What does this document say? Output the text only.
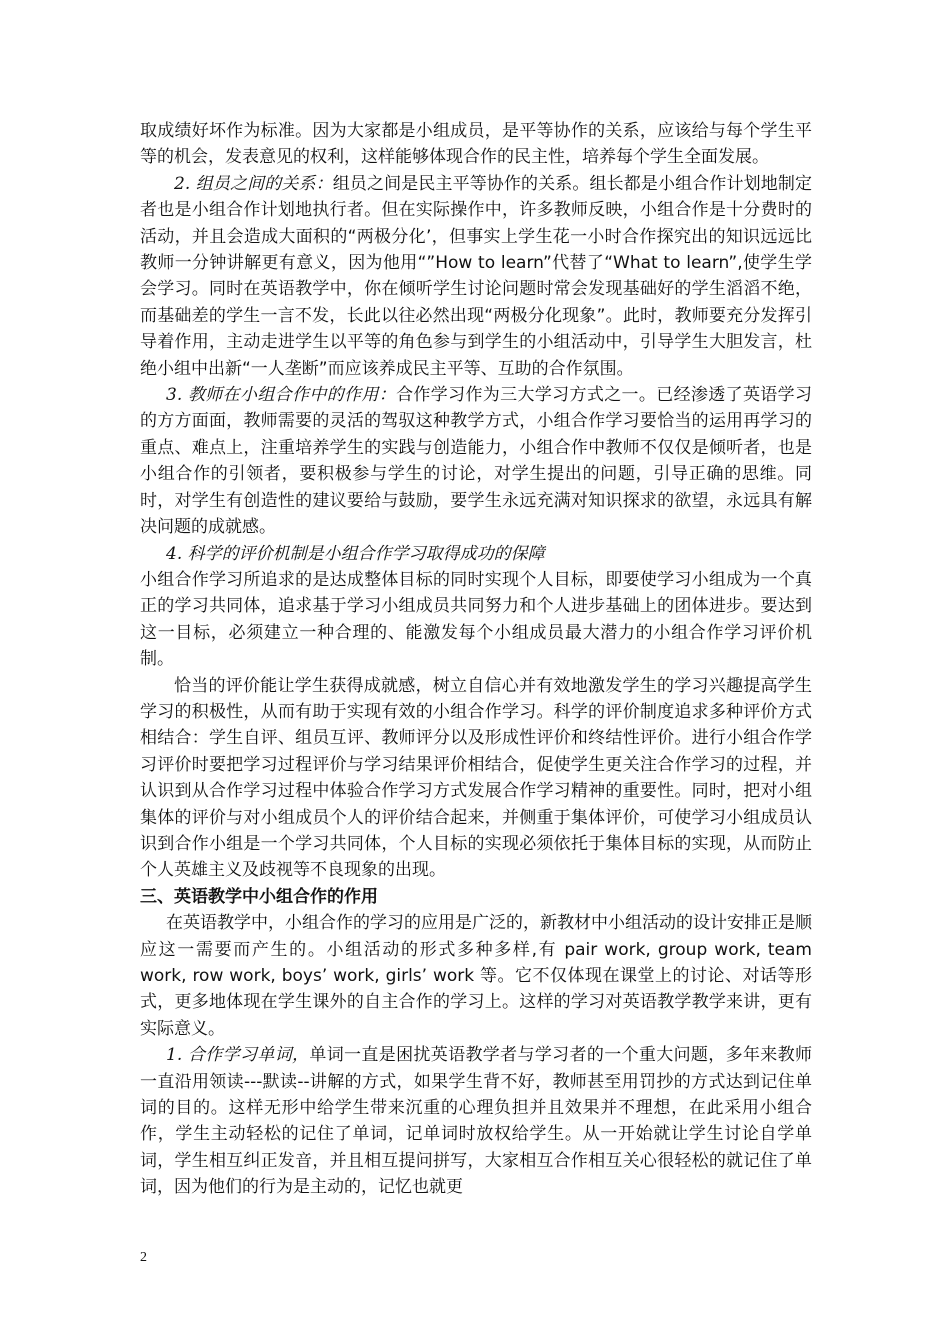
取成绩好坏作为标准。因为大家都是小组成员，是平等协作的关系，应该给与每个学生平等的机会，发表意见的权利，这样能够体现合作的民主性，培养每个学生全面发展。

2. 组员之间的关系：组员之间是民主平等协作的关系。组长都是小组合作计划地制定者也是小组合作计划地执行者。但在实际操作中，许多教师反映，小组合作是十分费时的活动，并且会造成大面积的“两极分化’，但事实上学生花一小时合作探究出的知识远远比教师一分钟讲解更有意义，因为他用“”How to learn”代替了“What to learn”,使学生学会学习。同时在英语教学中，你在倾听学生讨论问题时常会发现基础好的学生滔滔不绝，而基础差的学生一言不发，长此以往必然出现“两极分化现象”。此时，教师要充分发挥引导着作用，主动走进学生以平等的角色参与到学生的小组活动中，引导学生大胆发言，杜绝小组中出新“一人垄断”而应该养成民主平等、互助的合作氛围。

3. 教师在小组合作中的作用：合作学习作为三大学习方式之一。已经渗透了英语学习的方方面面，教师需要的灵活的驾驭这种教学方式，小组合作学习要恰当的运用再学习的重点、难点上，注重培养学生的实践与创造能力，小组合作中教师不仅仅是倾听者，也是小组合作的引领者，要积极参与学生的讨论，对学生提出的问题，引导正确的思维。同时，对学生有创造性的建议要给与鼓励，要学生永远充满对知识探求的欲望，永远具有解决问题的成就感。

4. 科学的评价机制是小组合作学习取得成功的保障

小组合作学习所追求的是达成整体目标的同时实现个人目标，即要使学习小组成为一个真正的学习共同体，追求基于学习小组成员共同努力和个人进步基础上的团体进步。要达到这一目标，必须建立一种合理的、能激发每个小组成员最大潜力的小组合作学习评价机制。

恰当的评价能让学生获得成就感，树立自信心并有效地激发学生的学习兴趣提高学生学习的积极性，从而有助于实现有效的小组合作学习。科学的评价制度追求多种评价方式相结合：学生自评、组员互评、教师评分以及形成性评价和终结性评价。进行小组合作学习评价时要把学习过程评价与学习结果评价相结合，促使学生更关注合作学习的过程，并认识到从合作学习过程中体验合作学习方式发展合作学习精神的重要性。同时，把对小组集体的评价与对小组成员个人的评价结合起来，并侧重于集体评价，可使学习小组成员认识到合作小组是一个学习共同体，个人目标的实现必须依托于集体目标的实现，从而防止个人英雄主义及歧视等不良现象的出现。

三、英语教学中小组合作的作用

在英语教学中，小组合作的学习的应用是广泛的，新教材中小组活动的设计安排正是顺应这一需要而产生的。小组活动的形式多种多样,有 pair work, group work, team work, row work, boys’ work, girls’ work 等。它不仅体现在课堂上的讨论、对话等形式，更多地体现在学生课外的自主合作的学习上。这样的学习对英语教学教学来讲，更有实际意义。

1. 合作学习单词，单词一直是困扰英语教学者与学习者的一个重大问题，多年来教师一直沿用领读---默读--讲解的方式，如果学生背不好，教师甚至用罚抄的方式达到记住单词的目的。这样无形中给学生带来沉重的心理负担并且效果并不理想，在此采用小组合作，学生主动轻松的记住了单词，记单词时放权给学生。从一开始就让学生讨论自学单词，学生相互纠正发音，并且相互提问拼写，大家相互合作相互关心很轻松的就记住了单词，因为他们的行为是主动的，记忆也就更

2
